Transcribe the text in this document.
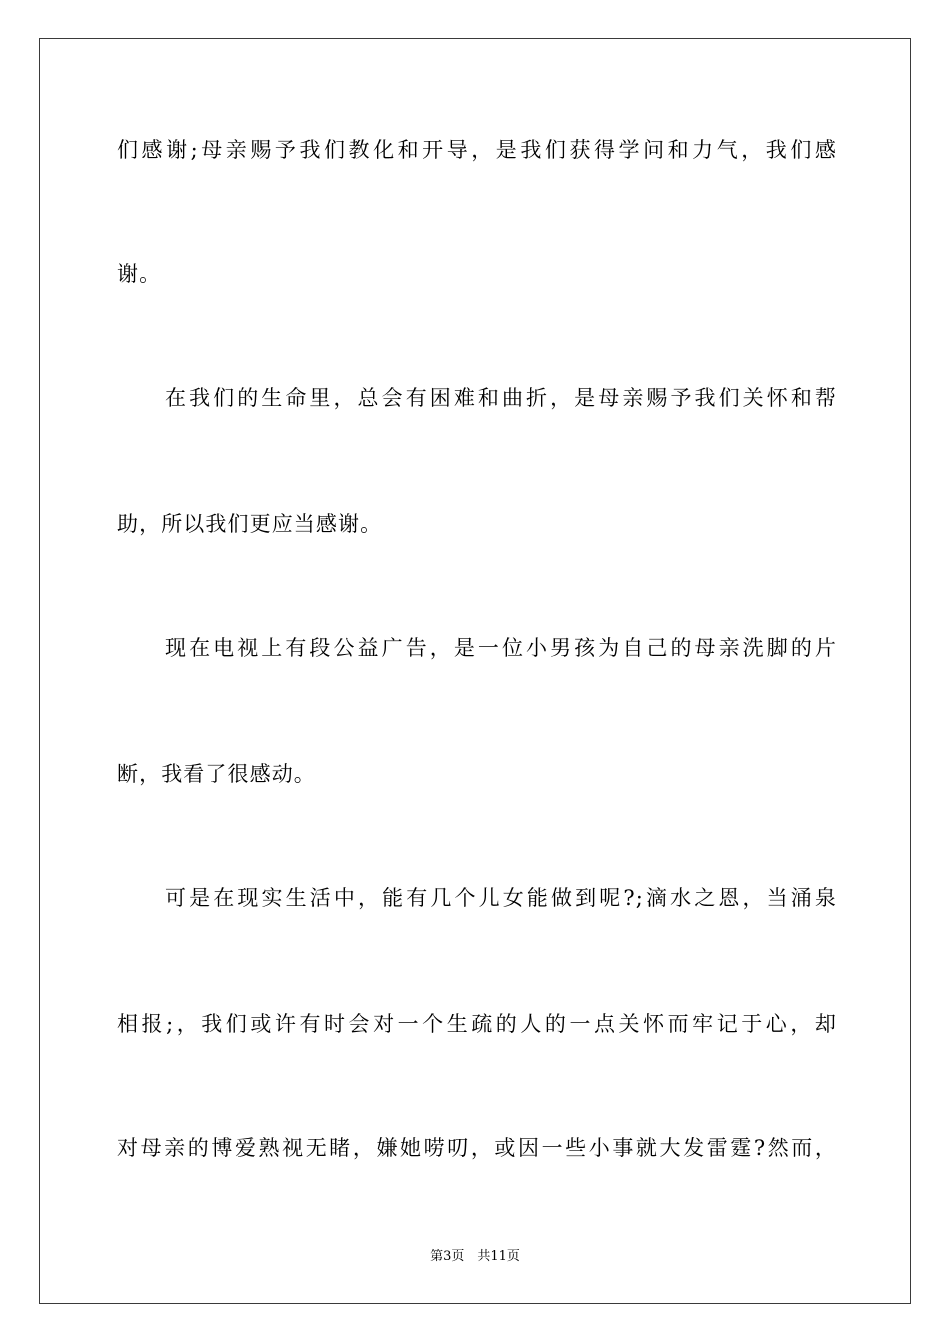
们感谢;母亲赐予我们教化和开导，是我们获得学问和力气，我们感
谢。
在我们的生命里，总会有困难和曲折，是母亲赐予我们关怀和帮
助，所以我们更应当感谢。
现在电视上有段公益广告，是一位小男孩为自己的母亲洗脚的片
断，我看了很感动。
可是在现实生活中，能有几个儿女能做到呢?;滴水之恩，当涌泉
相报;，我们或许有时会对一个生疏的人的一点关怀而牢记于心，却
对母亲的博爱熟视无睹，嫌她唠叨，或因一些小事就大发雷霆?然而，
第3页　共11页
